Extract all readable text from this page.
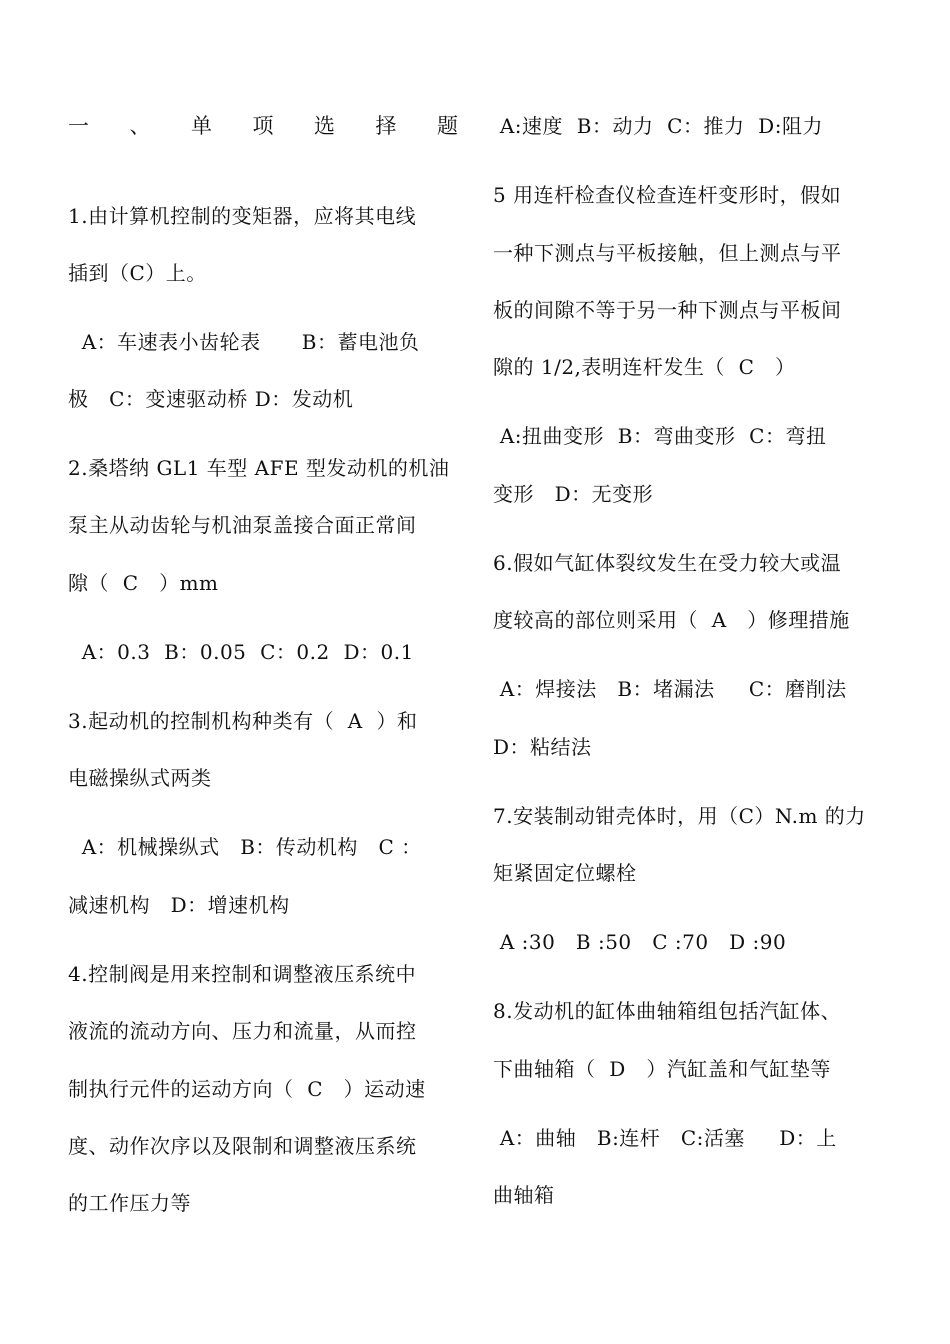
一 、 单 项 选 择 题
1.由计算机控制的变矩器，应将其电线
插到（C）上。
A：车速表小齿轮表      B：蓄电池负
极   C：变速驱动桥 D：发动机
2.桑塔纳 GL1 车型 AFE 型发动机的机油
泵主从动齿轮与机油泵盖接合面正常间
隙（  C   ）mm
A：0.3  B：0.05  C：0.2  D：0.1
3.起动机的控制机构种类有（  A  ）和
电磁操纵式两类
A：机械操纵式   B：传动机构   C ：
减速机构   D：增速机构
4.控制阀是用来控制和调整液压系统中
液流的流动方向、压力和流量，从而控
制执行元件的运动方向（  C   ）运动速
度、动作次序以及限制和调整液压系统
的工作压力等
A:速度  B：动力  C：推力  D:阻力
5 用连杆检查仪检查连杆变形时，假如
一种下测点与平板接触，但上测点与平
板的间隙不等于另一种下测点与平板间
隙的 1/2,表明连杆发生（  C   ）
A:扭曲变形  B：弯曲变形  C：弯扭
变形   D：无变形
6.假如气缸体裂纹发生在受力较大或温
度较高的部位则采用（  A   ）修理措施
A：焊接法   B：堵漏法     C：磨削法
D：粘结法
7.安装制动钳壳体时，用（C）N.m 的力
矩紧固定位螺栓
A :30   B :50   C :70   D :90
8.发动机的缸体曲轴箱组包括汽缸体、
下曲轴箱（  D   ）汽缸盖和气缸垫等
A：曲轴   B:连杆   C:活塞     D：上
曲轴箱
